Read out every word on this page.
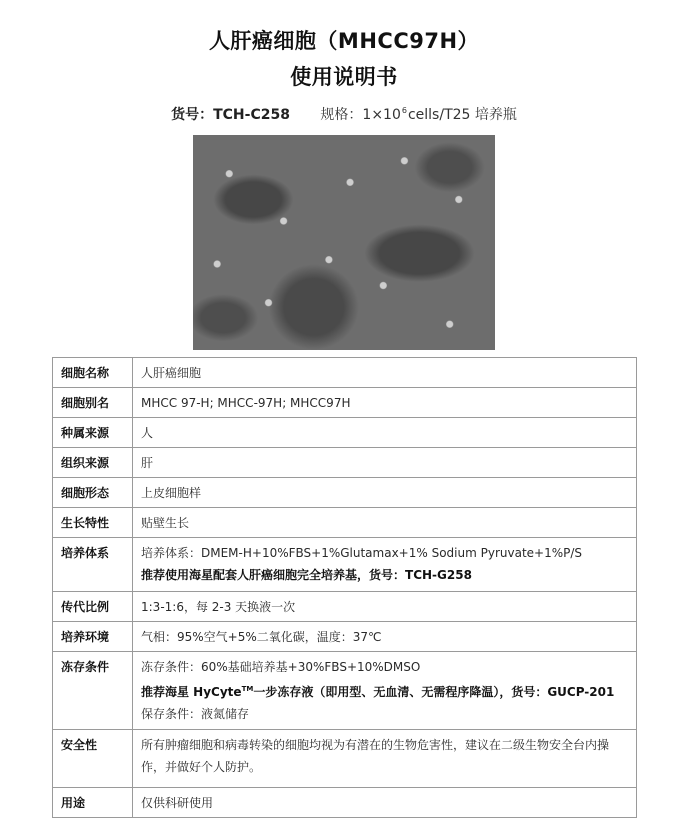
人肝癌细胞（MHCC97H）
使用说明书
货号：TCH-C258 规格：$1\times 10^6cells/T25$ 培养瓶
细胞名称	人肝癌细胞
细胞别名	MHCC 97-H; MHCC-97H; MHCC97H
种属来源	人
组织来源	肝
细胞形态	上皮细胞样
生长特性	贴壁生长
培养体系	培养体系：DMEM-H+10%FBS+1%Glutamax+1% Sodium Pyruvate+1%P/S
推荐使用海星配套人肝癌细胞完全培养基，货号：TCH-G258

传代比例	1:3-1:6，每 2-3 天换液一次
培养环境	气相：95%空气+5%二氧化碳，温度：37℃
冻存条件	冻存条件：60%基础培养基+30%FBS+10%DMSO
推荐海星 HyCyte™一步冻存液（即用型、无血清、无需程序降温），货号：GUCP-201
保存条件：液氮储存

安全性	所有肿瘤细胞和病毒转染的细胞均视为有潜在的生物危害性，建议在二级生物安全台内操作，并做好个人防护。
用途	仅供科研使用
